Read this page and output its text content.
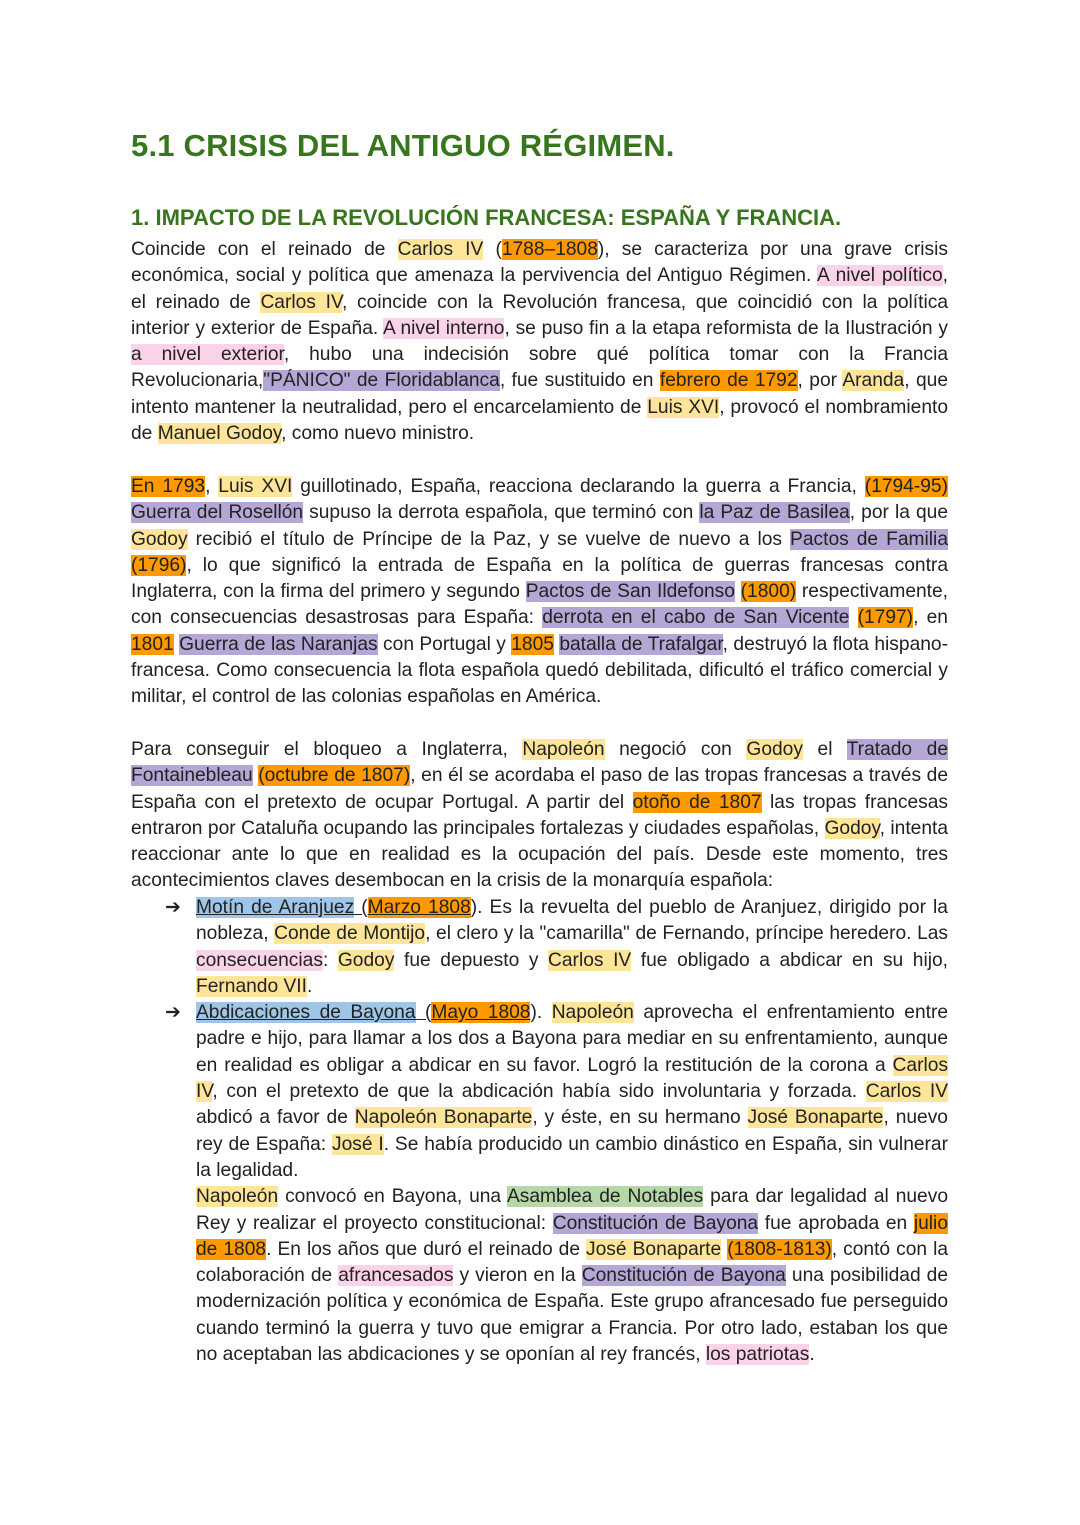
5.1 CRISIS DEL ANTIGUO RÉGIMEN.
1. IMPACTO DE LA REVOLUCIÓN FRANCESA: ESPAÑA Y FRANCIA.

Coincide con el reinado de Carlos IV (1788–1808), se caracteriza por una grave crisis económica, social y política que amenaza la pervivencia del Antiguo Régimen. A nivel político, el reinado de Carlos IV, coincide con la Revolución francesa, que coincidió con la política interior y exterior de España. A nivel interno, se puso fin a la etapa reformista de la Ilustración y a nivel exterior, hubo una indecisión sobre qué política tomar con la Francia Revolucionaria,"PÁNICO" de Floridablanca, fue sustituido en febrero de 1792, por Aranda, que intento mantener la neutralidad, pero el encarcelamiento de Luis XVI, provocó el nombramiento de Manuel Godoy, como nuevo ministro.

En 1793, Luis XVI guillotinado, España, reacciona declarando la guerra a Francia, (1794-95) Guerra del Rosellón supuso la derrota española, que terminó con la Paz de Basilea, por la que Godoy recibió el título de Príncipe de la Paz, y se vuelve de nuevo a los Pactos de Familia (1796), lo que significó la entrada de España en la política de guerras francesas contra Inglaterra, con la firma del primero y segundo Pactos de San Ildefonso (1800) respectivamente, con consecuencias desastrosas para España: derrota en el cabo de San Vicente (1797), en 1801 Guerra de las Naranjas con Portugal y 1805 batalla de Trafalgar, destruyó la flota hispano-francesa. Como consecuencia la flota española quedó debilitada, dificultó el tráfico comercial y militar, el control de las colonias españolas en América.

Para conseguir el bloqueo a Inglaterra, Napoleón negoció con Godoy el Tratado de Fontainebleau (octubre de 1807), en él se acordaba el paso de las tropas francesas a través de España con el pretexto de ocupar Portugal. A partir del otoño de 1807 las tropas francesas entraron por Cataluña ocupando las principales fortalezas y ciudades españolas, Godoy, intenta reaccionar ante lo que en realidad es la ocupación del país. Desde este momento, tres acontecimientos claves desembocan en la crisis de la monarquía española:

➔ Motín de Aranjuez (Marzo 1808). Es la revuelta del pueblo de Aranjuez, dirigido por la nobleza, Conde de Montijo, el clero y la "camarilla" de Fernando, príncipe heredero. Las consecuencias: Godoy fue depuesto y Carlos IV fue obligado a abdicar en su hijo, Fernando VII.

➔ Abdicaciones de Bayona (Mayo 1808). Napoleón aprovecha el enfrentamiento entre padre e hijo, para llamar a los dos a Bayona para mediar en su enfrentamiento, aunque en realidad es obligar a abdicar en su favor. Logró la restitución de la corona a Carlos IV, con el pretexto de que la abdicación había sido involuntaria y forzada. Carlos IV abdicó a favor de Napoleón Bonaparte, y éste, en su hermano José Bonaparte, nuevo rey de España: José I. Se había producido un cambio dinástico en España, sin vulnerar la legalidad.

Napoleón convocó en Bayona, una Asamblea de Notables para dar legalidad al nuevo Rey y realizar el proyecto constitucional: Constitución de Bayona fue aprobada en julio de 1808. En los años que duró el reinado de José Bonaparte (1808-1813), contó con la colaboración de afrancesados y vieron en la Constitución de Bayona una posibilidad de modernización política y económica de España. Este grupo afrancesado fue perseguido cuando terminó la guerra y tuvo que emigrar a Francia. Por otro lado, estaban los que no aceptaban las abdicaciones y se oponían al rey francés, los patriotas.
